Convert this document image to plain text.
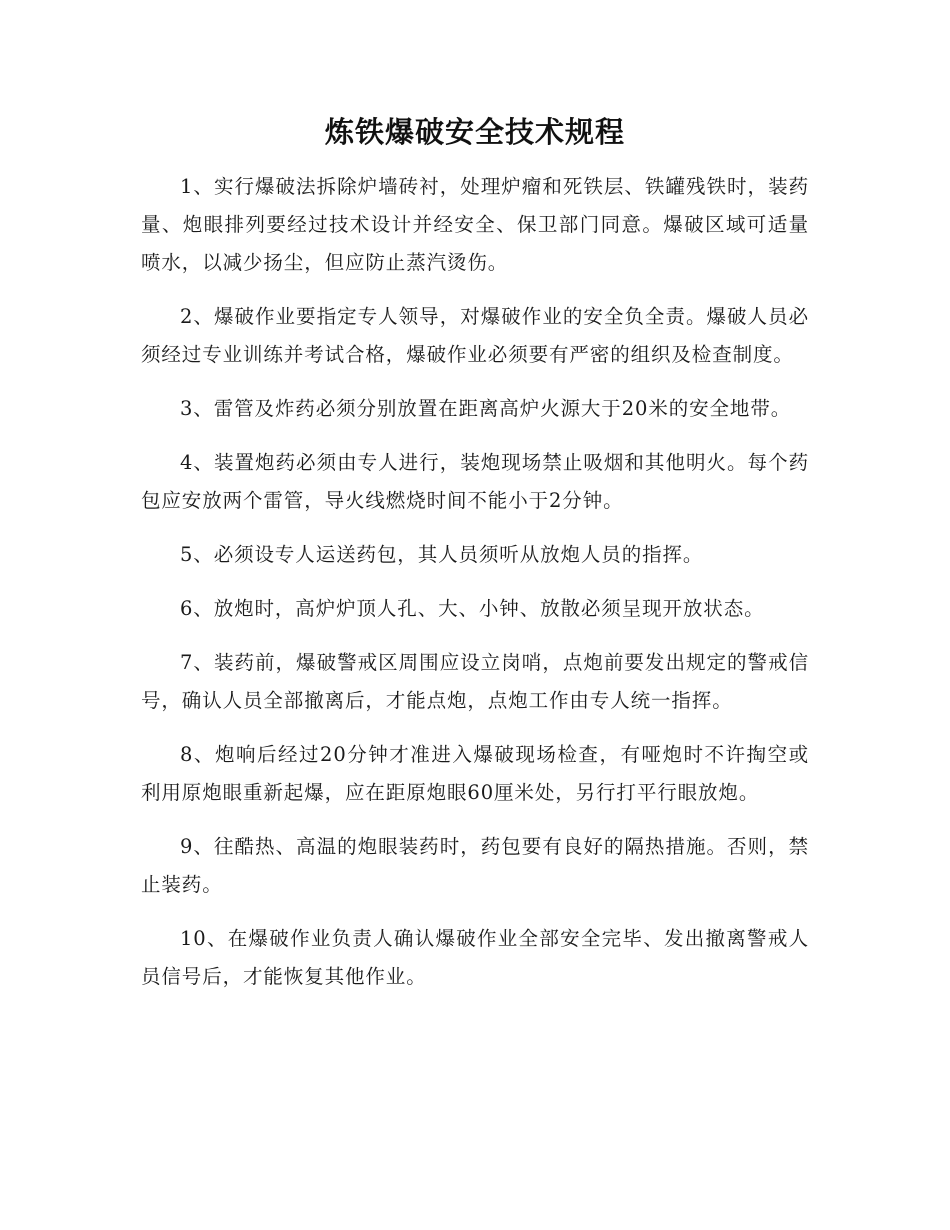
炼铁爆破安全技术规程

1、实行爆破法拆除炉墙砖衬，处理炉瘤和死铁层、铁罐残铁时，装药量、炮眼排列要经过技术设计并经安全、保卫部门同意。爆破区域可适量喷水，以减少扬尘，但应防止蒸汽烫伤。

2、爆破作业要指定专人领导，对爆破作业的安全负全责。爆破人员必须经过专业训练并考试合格，爆破作业必须要有严密的组织及检查制度。

3、雷管及炸药必须分别放置在距离高炉火源大于20米的安全地带。

4、装置炮药必须由专人进行，装炮现场禁止吸烟和其他明火。每个药包应安放两个雷管，导火线燃烧时间不能小于2分钟。

5、必须设专人运送药包，其人员须听从放炮人员的指挥。

6、放炮时，高炉炉顶人孔、大、小钟、放散必须呈现开放状态。

7、装药前，爆破警戒区周围应设立岗哨，点炮前要发出规定的警戒信号，确认人员全部撤离后，才能点炮，点炮工作由专人统一指挥。

8、炮响后经过20分钟才准进入爆破现场检查，有哑炮时不许掏空或利用原炮眼重新起爆，应在距原炮眼60厘米处，另行打平行眼放炮。

9、往酷热、高温的炮眼装药时，药包要有良好的隔热措施。否则，禁止装药。

10、在爆破作业负责人确认爆破作业全部安全完毕、发出撤离警戒人员信号后，才能恢复其他作业。
